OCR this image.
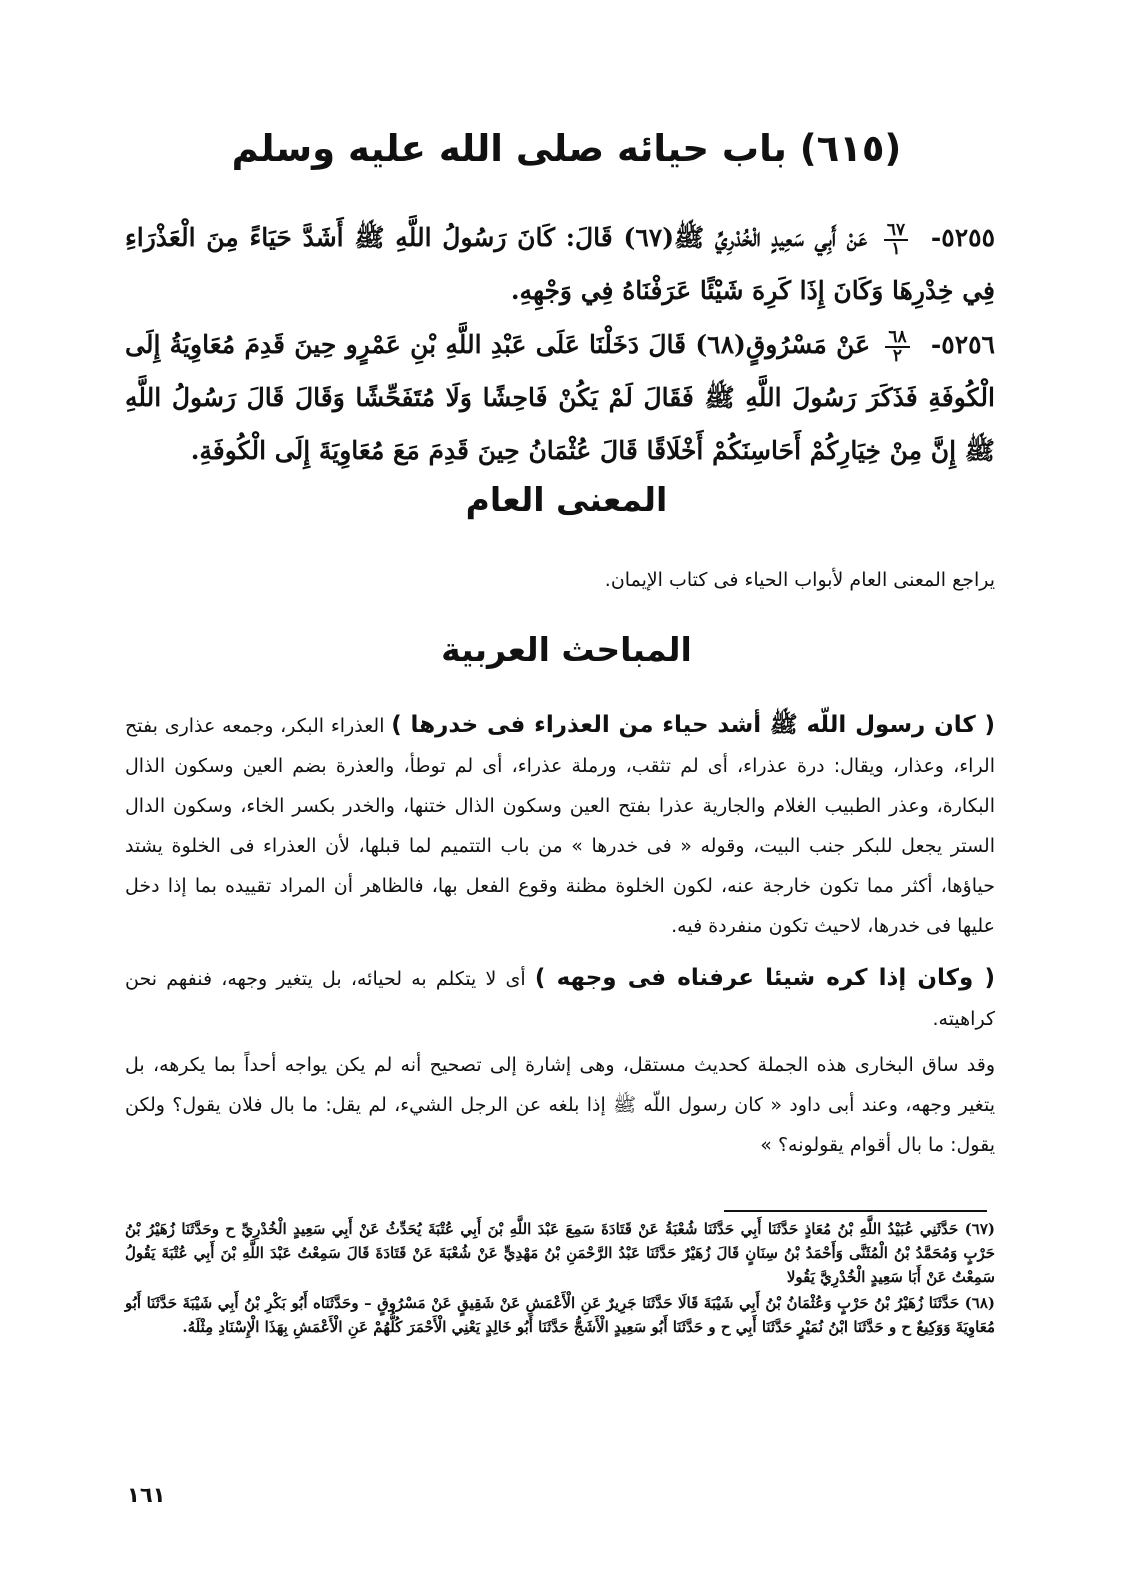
(٦١٥) باب حيائه صلى الله عليه وسلم

٥٢٥٥-
$\frac{٦٧}{١}$
عَنْ أَبِي سَعِيدٍ الْخُدْرِيِّ ﷺ(٦٧) قَالَ: كَانَ رَسُولُ اللَّهِ ﷺ أَشَدَّ حَيَاءً مِنَ الْعَذْرَاءِ فِي خِدْرِهَا وَكَانَ إِذَا كَرِهَ شَيْئًا عَرَفْنَاهُ فِي وَجْهِهِ.

٥٢٥٦-
$\frac{٦٨}{٢}$
عَنْ مَسْرُوقٍ(٦٨) قَالَ دَخَلْنَا عَلَى عَبْدِ اللَّهِ بْنِ عَمْرٍو حِينَ قَدِمَ مُعَاوِيَةُ إِلَى الْكُوفَةِ فَذَكَرَ رَسُولَ اللَّهِ ﷺ فَقَالَ لَمْ يَكُنْ فَاحِشًا وَلَا مُتَفَحِّشًا وَقَالَ قَالَ رَسُولُ اللَّهِ ﷺ إِنَّ مِنْ خِيَارِكُمْ أَحَاسِنَكُمْ أَخْلَاقًا قَالَ عُثْمَانُ حِينَ قَدِمَ مَعَ مُعَاوِيَةَ إِلَى الْكُوفَةِ.

المعنى العام

يراجع المعنى العام لأبواب الحياء فى كتاب الإيمان.

المباحث العربية

( كان رسول اللّه ﷺ أشد حياء من العذراء فى خدرها ) العذراء البكر، وجمعه عذارى بفتح الراء، وعذار، ويقال: درة عذراء، أى لم تثقب، ورملة عذراء، أى لم توطأ، والعذرة بضم العين وسكون الذال البكارة، وعذر الطبيب الغلام والجارية عذرا بفتح العين وسكون الذال ختنها، والخدر بكسر الخاء، وسكون الدال الستر يجعل للبكر جنب البيت، وقوله « فى خدرها » من باب التتميم لما قبلها، لأن العذراء فى الخلوة يشتد حياؤها، أكثر مما تكون خارجة عنه، لكون الخلوة مظنة وقوع الفعل بها، فالظاهر أن المراد تقييده بما إذا دخل عليها فى خدرها، لاحيث تكون منفردة فيه.

( وكان إذا كره شيئا عرفناه فى وجهه ) أى لا يتكلم به لحيائه، بل يتغير وجهه، فنفهم نحن كراهيته.

وقد ساق البخارى هذه الجملة كحديث مستقل، وهى إشارة إلى تصحيح أنه لم يكن يواجه أحداً بما يكرهه، بل يتغير وجهه، وعند أبى داود « كان رسول اللّه ﷺ إذا بلغه عن الرجل الشيء، لم يقل: ما بال فلان يقول؟ ولكن يقول: ما بال أقوام يقولونه؟ »

(٦٧) حَدَّثَنِي عُبَيْدُ اللَّهِ بْنُ مُعَاذٍ حَدَّثَنَا أَبِي حَدَّثَنَا شُعْبَةُ عَنْ قَتَادَةَ سَمِعَ عَبْدَ اللَّهِ بْنَ أَبِي عُتْبَةَ يُحَدِّثُ عَنْ أَبِي سَعِيدٍ الْخُدْرِيِّ ح وحَدَّثَنَا زُهَيْرُ بْنُ حَرْبٍ وَمُحَمَّدُ بْنُ الْمُثَنَّى وَأَحْمَدُ بْنُ سِنَانٍ قَالَ زُهَيْرٌ حَدَّثَنَا عَبْدُ الرَّحْمَنِ بْنُ مَهْدِيٍّ عَنْ شُعْبَةَ عَنْ قَتَادَةَ قَالَ سَمِعْتُ عَبْدَ اللَّهِ بْنَ أَبِي عُتْبَةَ يَقُولُ سَمِعْتُ عَنْ أَبَا سَعِيدٍ الْخُدْرِيَّ يَقُولا

(٦٨) حَدَّثَنَا زُهَيْرُ بْنُ حَرْبٍ وَعُثْمَانُ بْنُ أَبِي شَيْبَةَ قَالَا حَدَّثَنَا جَرِيرٌ عَنِ الْأَعْمَشِ عَنْ شَقِيقٍ عَنْ مَسْرُوقٍ – وحَدَّثَنَاه أَبُو بَكْرِ بْنُ أَبِي شَيْبَةَ حَدَّثَنَا أَبُو مُعَاوِيَةَ وَوَكِيعٌ ح و حَدَّثَنَا ابْنُ نُمَيْرٍ حَدَّثَنَا أَبِي ح و حَدَّثَنَا أَبُو سَعِيدٍ الْأَشَجُّ حَدَّثَنَا أَبُو خَالِدٍ يَعْنِي الْأَحْمَرَ كُلُّهُمْ عَنِ الْأَعْمَشِ بِهَذَا الْإِسْنَادِ مِثْلَهُ.

١٦١
